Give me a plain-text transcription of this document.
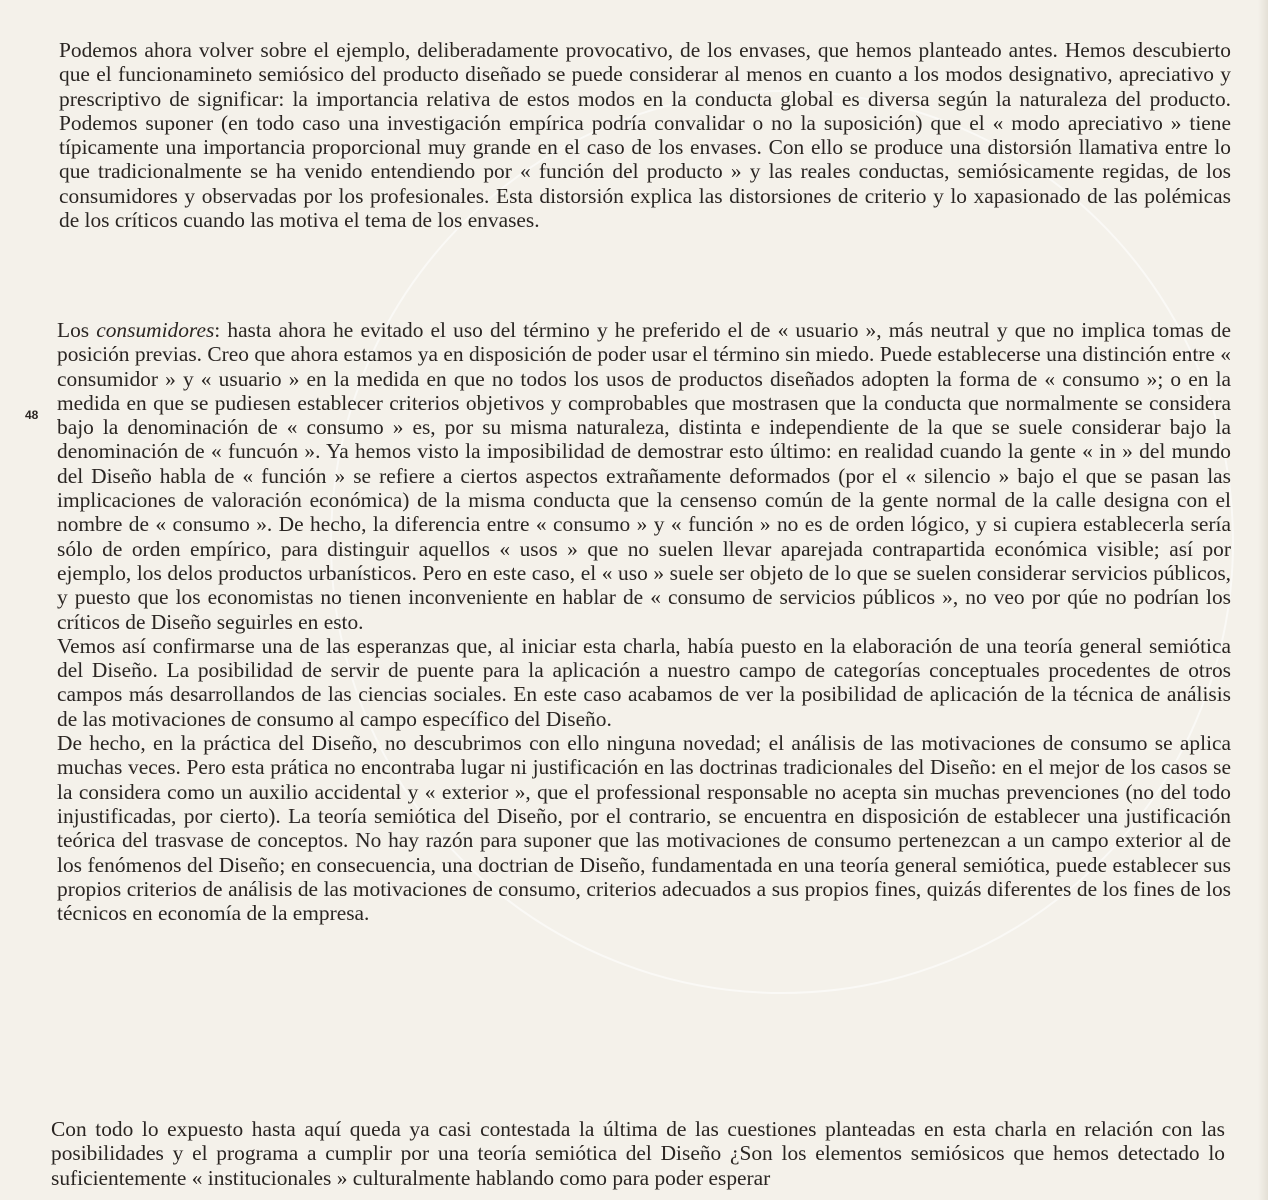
48

Podemos ahora volver sobre el ejemplo, deliberadamente provocativo, de los envases, que hemos planteado antes. Hemos descubierto que el funcionamineto semiósico del producto diseñado se puede considerar al menos en cuanto a los modos designativo, apreciativo y prescriptivo de significar: la importancia relativa de estos modos en la conducta global es diversa según la naturaleza del producto. Podemos suponer (en todo caso una investigación empírica podría convalidar o no la suposición) que el « modo apreciativo » tiene típicamente una importancia proporcional muy grande en el caso de los envases. Con ello se produce una distorsión llamativa entre lo que tradicionalmente se ha venido entendiendo por « función del producto » y las reales conductas, semiósicamente regidas, de los consumidores y observadas por los profesionales. Esta distorsión explica las distorsiones de criterio y lo xapasionado de las polémicas de los críticos cuando las motiva el tema de los envases.

Los consumidores: hasta ahora he evitado el uso del término y he preferido el de « usuario », más neutral y que no implica tomas de posición previas. Creo que ahora estamos ya en disposición de poder usar el término sin miedo. Puede establecerse una distinción entre « consumidor » y « usuario » en la medida en que no todos los usos de productos diseñados adopten la forma de « consumo »; o en la medida en que se pudiesen establecer criterios objetivos y comprobables que mostrasen que la conducta que normalmente se considera bajo la denominación de « consumo » es, por su misma naturaleza, distinta e independiente de la que se suele considerar bajo la denominación de « funcuón ». Ya hemos visto la imposibilidad de demostrar esto último: en realidad cuando la gente « in » del mundo del Diseño habla de « función » se refiere a ciertos aspectos extrañamente deformados (por el « silencio » bajo el que se pasan las implicaciones de valoración económica) de la misma conducta que la censenso común de la gente normal de la calle designa con el nombre de « consumo ». De hecho, la diferencia entre « consumo » y « función » no es de orden lógico, y si cupiera establecerla sería sólo de orden empírico, para distinguir aquellos « usos » que no suelen llevar aparejada contrapartida económica visible; así por ejemplo, los delos productos urbanísticos. Pero en este caso, el « uso » suele ser objeto de lo que se suelen considerar servicios públicos, y puesto que los economistas no tienen inconveniente en hablar de « consumo de servicios públicos », no veo por qúe no podrían los críticos de Diseño seguirles en esto.

Vemos así confirmarse una de las esperanzas que, al iniciar esta charla, había puesto en la elaboración de una teoría general semiótica del Diseño. La posibilidad de servir de puente para la aplicación a nuestro campo de categorías conceptuales procedentes de otros campos más desarrollandos de las ciencias sociales. En este caso acabamos de ver la posibilidad de aplicación de la técnica de análisis de las motivaciones de consumo al campo específico del Diseño.

De hecho, en la práctica del Diseño, no descubrimos con ello ninguna novedad; el análisis de las motivaciones de consumo se aplica muchas veces. Pero esta prática no encontraba lugar ni justificación en las doctrinas tradicionales del Diseño: en el mejor de los casos se la considera como un auxilio accidental y « exterior », que el professional responsable no acepta sin muchas prevenciones (no del todo injustificadas, por cierto). La teoría semiótica del Diseño, por el contrario, se encuentra en disposición de establecer una justificación teórica del trasvase de conceptos. No hay razón para suponer que las motivaciones de consumo pertenezcan a un campo exterior al de los fenómenos del Diseño; en consecuencia, una doctrian de Diseño, fundamentada en una teoría general semiótica, puede establecer sus propios criterios de análisis de las motivaciones de consumo, criterios adecuados a sus propios fines, quizás diferentes de los fines de los técnicos en economía de la empresa.

Con todo lo expuesto hasta aquí queda ya casi contestada la última de las cuestiones planteadas en esta charla en relación con las posibilidades y el programa a cumplir por una teoría semiótica del Diseño ¿Son los elementos semiósicos que hemos detectado lo suficientemente « institucionales » culturalmente hablando como para poder esperar
